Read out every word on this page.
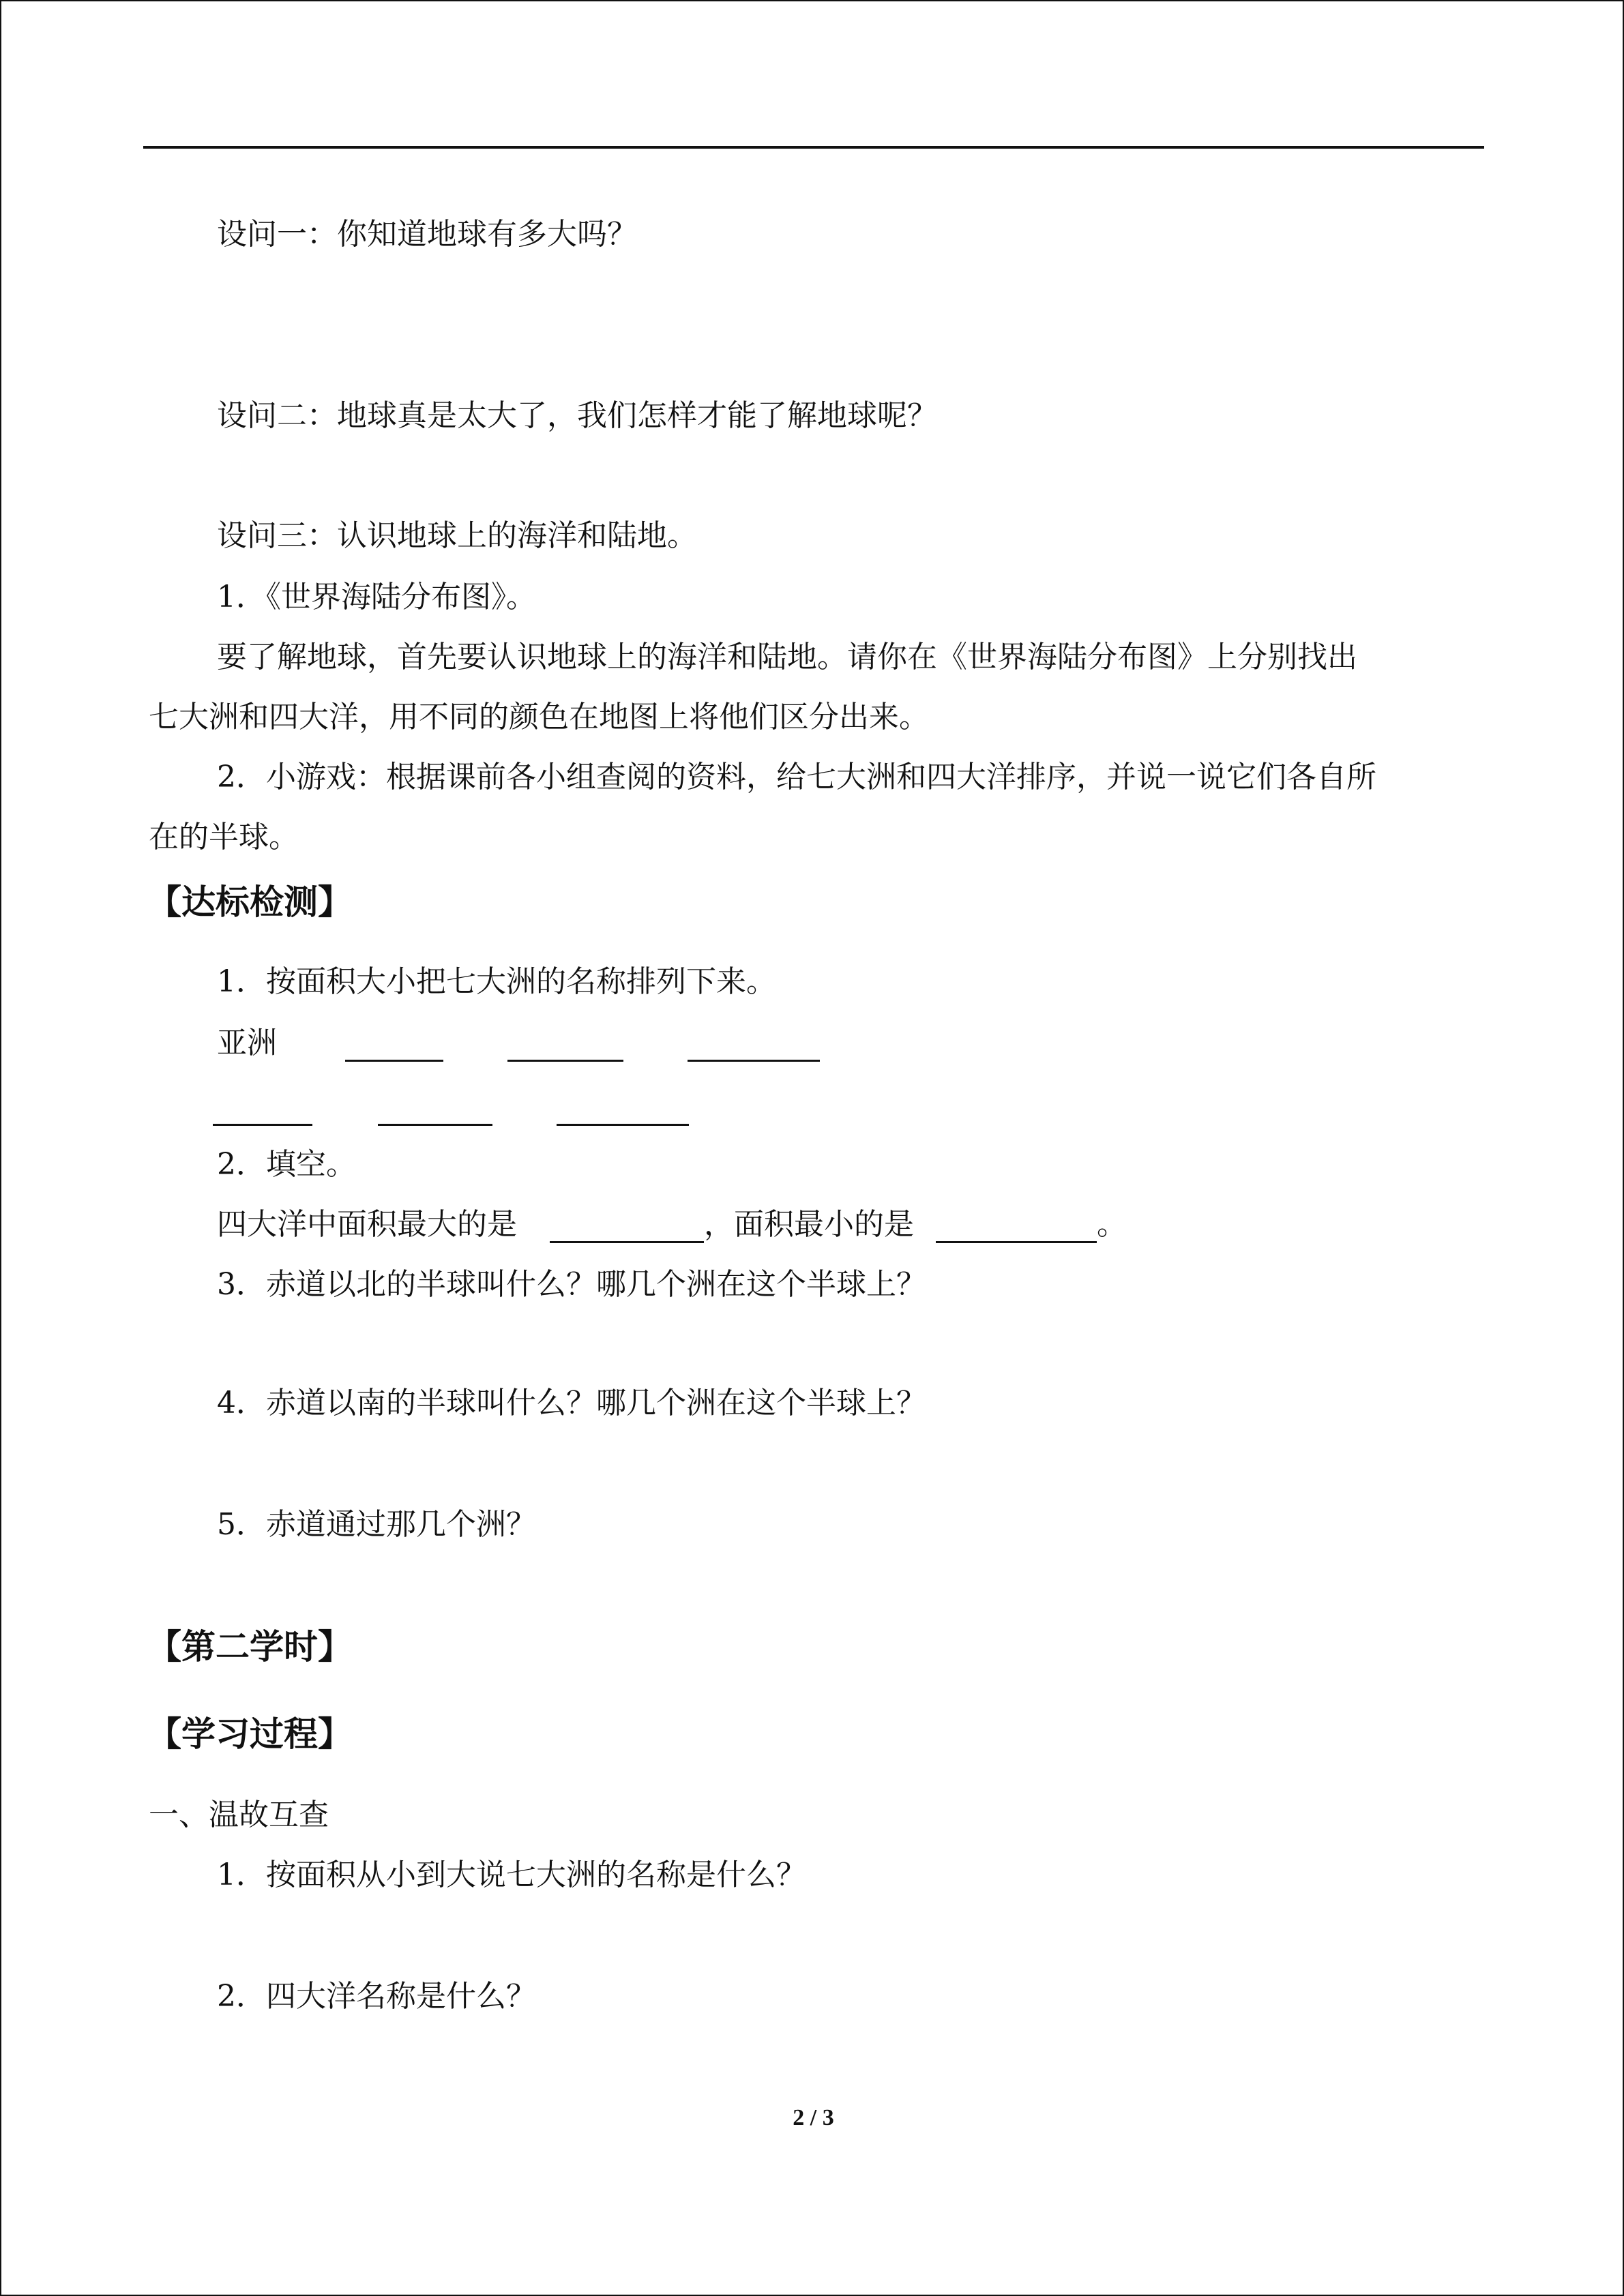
设问一：你知道地球有多大吗？
设问二：地球真是太大了，我们怎样才能了解地球呢？
设问三：认识地球上的海洋和陆地。
1．《世界海陆分布图》。
要了解地球，首先要认识地球上的海洋和陆地。请你在《世界海陆分布图》上分别找出
七大洲和四大洋，用不同的颜色在地图上将他们区分出来。
2．小游戏：根据课前各小组查阅的资料，给七大洲和四大洋排序，并说一说它们各自所
在的半球。
【达标检测】
1．按面积大小把七大洲的名称排列下来。
亚洲
2．填空。
四大洋中面积最大的是	，面积最小的是	。
3．赤道以北的半球叫什么？哪几个洲在这个半球上？
4．赤道以南的半球叫什么？哪几个洲在这个半球上？
5．赤道通过那几个洲？
【第二学时】
【学习过程】
一、温故互查
1．按面积从小到大说七大洲的名称是什么？
2．四大洋名称是什么？
2 / 3
